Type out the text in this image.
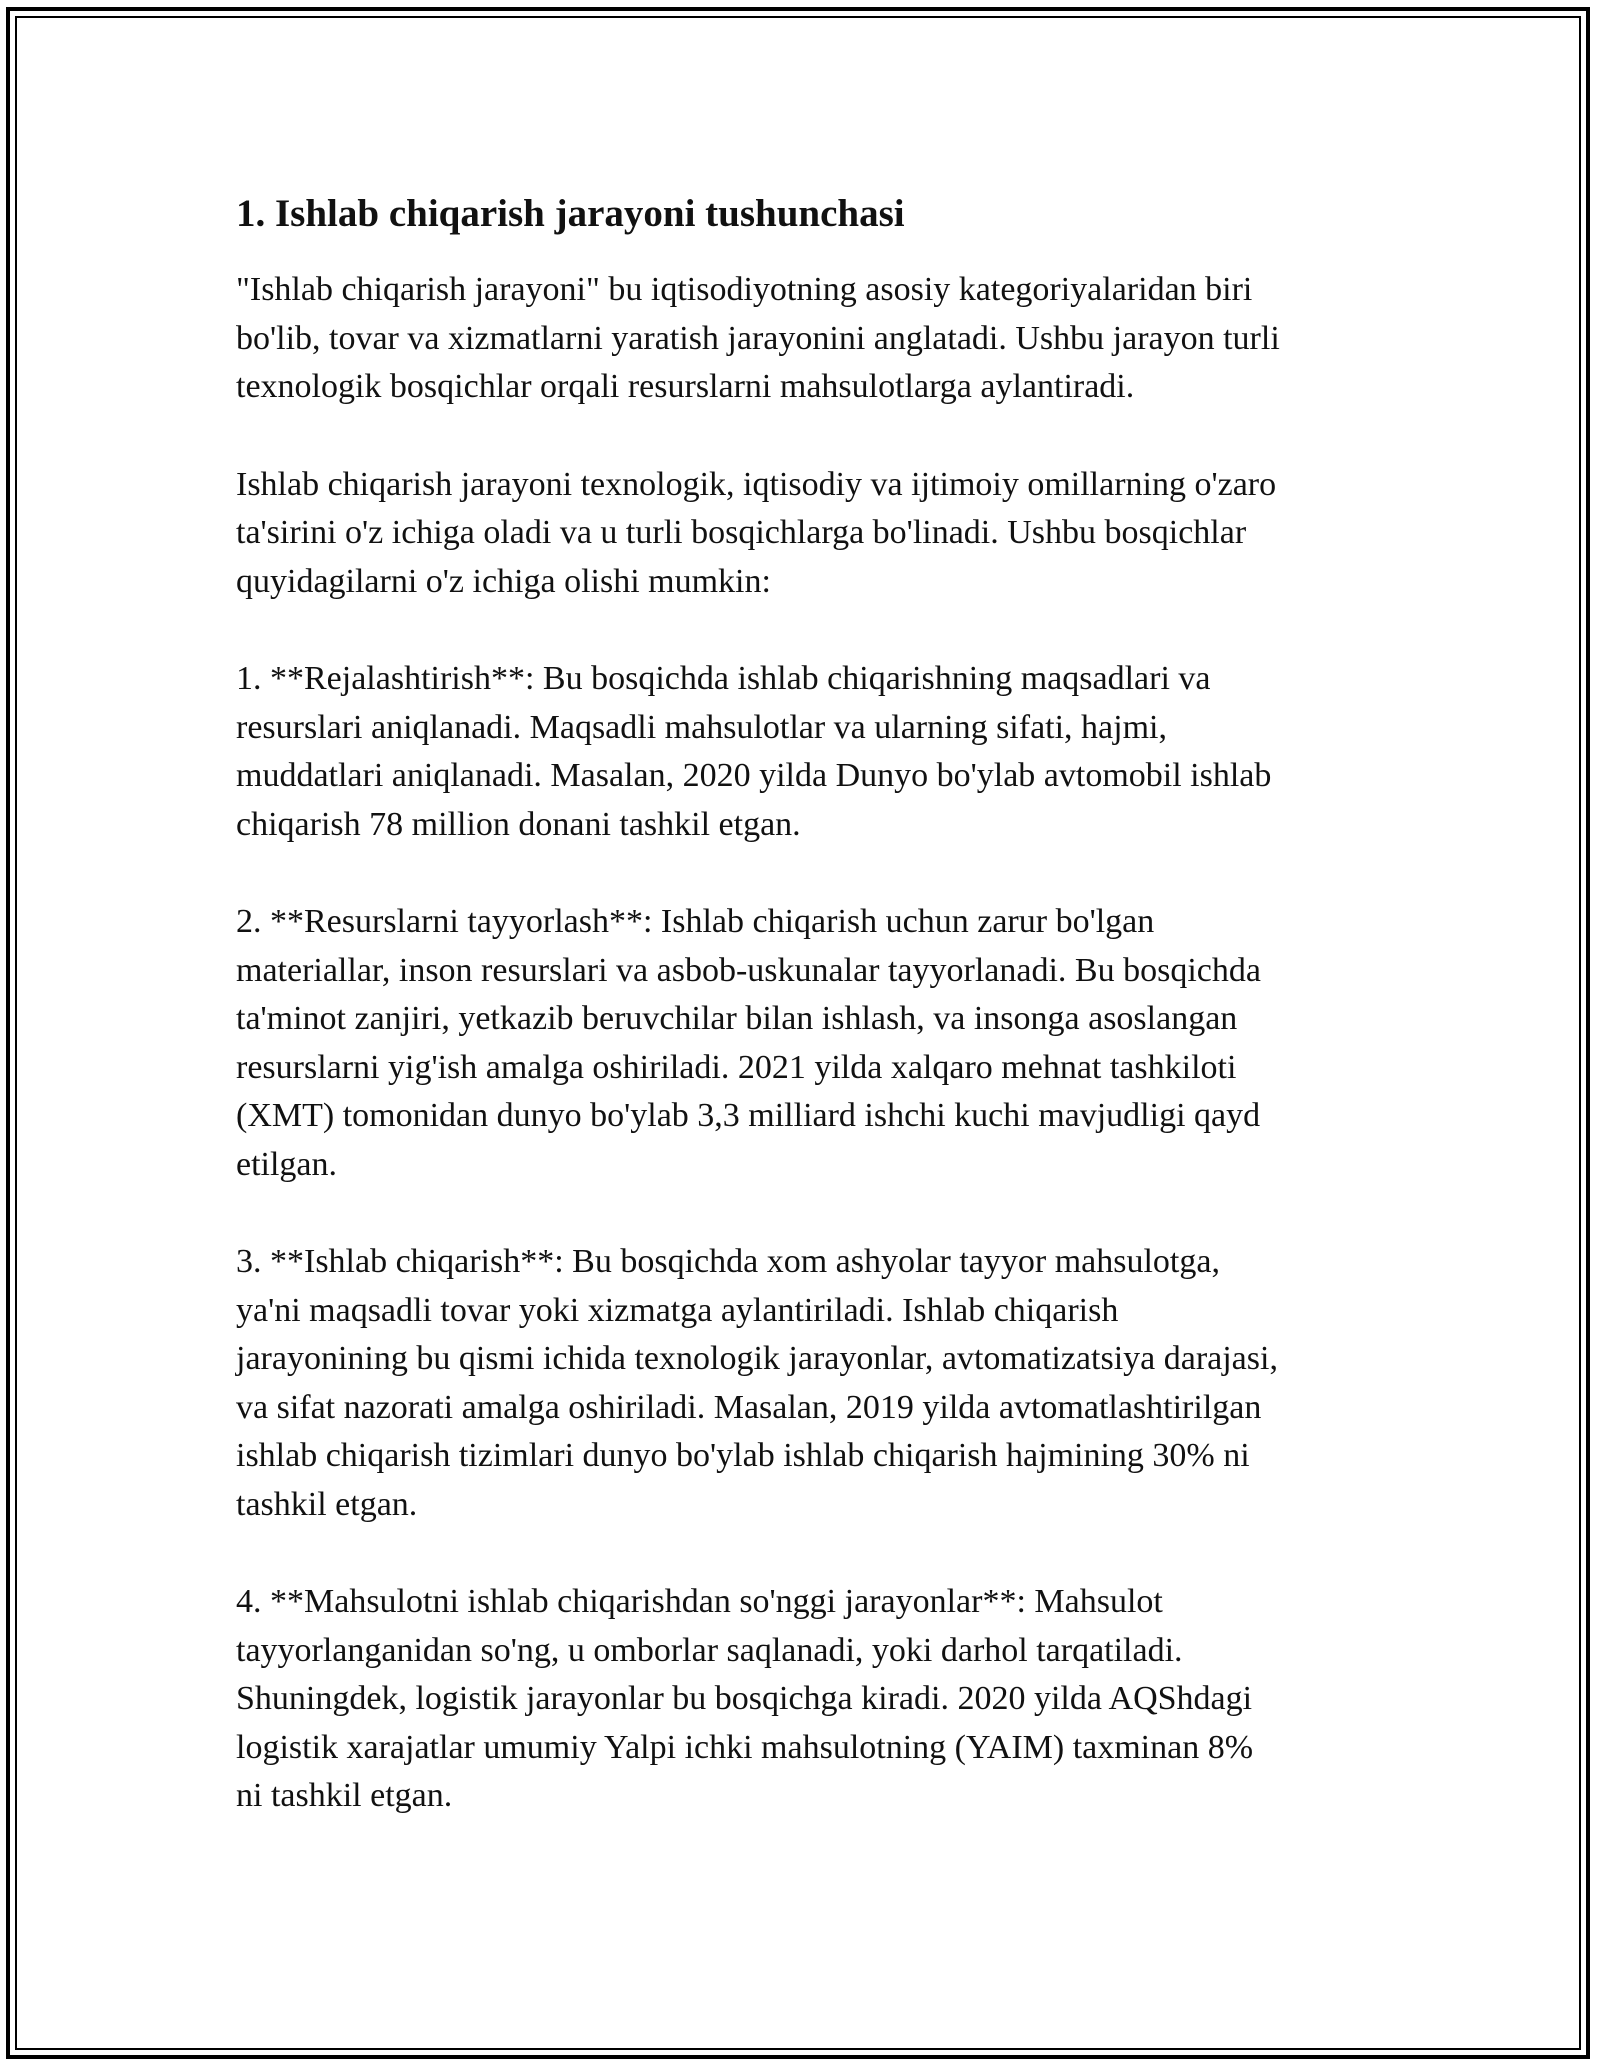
1. Ishlab chiqarish jarayoni tushunchasi

"Ishlab chiqarish jarayoni" bu iqtisodiyotning asosiy kategoriyalaridan biri
bo'lib, tovar va xizmatlarni yaratish jarayonini anglatadi. Ushbu jarayon turli
texnologik bosqichlar orqali resurslarni mahsulotlarga aylantiradi.

Ishlab chiqarish jarayoni texnologik, iqtisodiy va ijtimoiy omillarning o'zaro
ta'sirini o'z ichiga oladi va u turli bosqichlarga bo'linadi. Ushbu bosqichlar
quyidagilarni o'z ichiga olishi mumkin:

1. **Rejalashtirish**: Bu bosqichda ishlab chiqarishning maqsadlari va
resurslari aniqlanadi. Maqsadli mahsulotlar va ularning sifati, hajmi,
muddatlari aniqlanadi. Masalan, 2020 yilda Dunyo bo'ylab avtomobil ishlab
chiqarish 78 million donani tashkil etgan.

2. **Resurslarni tayyorlash**: Ishlab chiqarish uchun zarur bo'lgan
materiallar, inson resurslari va asbob-uskunalar tayyorlanadi. Bu bosqichda
ta'minot zanjiri, yetkazib beruvchilar bilan ishlash, va insonga asoslangan
resurslarni yig'ish amalga oshiriladi. 2021 yilda xalqaro mehnat tashkiloti
(XMT) tomonidan dunyo bo'ylab 3,3 milliard ishchi kuchi mavjudligi qayd
etilgan.

3. **Ishlab chiqarish**: Bu bosqichda xom ashyolar tayyor mahsulotga,
ya'ni maqsadli tovar yoki xizmatga aylantiriladi. Ishlab chiqarish
jarayonining bu qismi ichida texnologik jarayonlar, avtomatizatsiya darajasi,
va sifat nazorati amalga oshiriladi. Masalan, 2019 yilda avtomatlashtirilgan
ishlab chiqarish tizimlari dunyo bo'ylab ishlab chiqarish hajmining 30% ni
tashkil etgan.

4. **Mahsulotni ishlab chiqarishdan so'nggi jarayonlar**: Mahsulot
tayyorlanganidan so'ng, u omborlar saqlanadi, yoki darhol tarqatiladi.
Shuningdek, logistik jarayonlar bu bosqichga kiradi. 2020 yilda AQShdagi
logistik xarajatlar umumiy Yalpi ichki mahsulotning (YAIM) taxminan 8%
ni tashkil etgan.
